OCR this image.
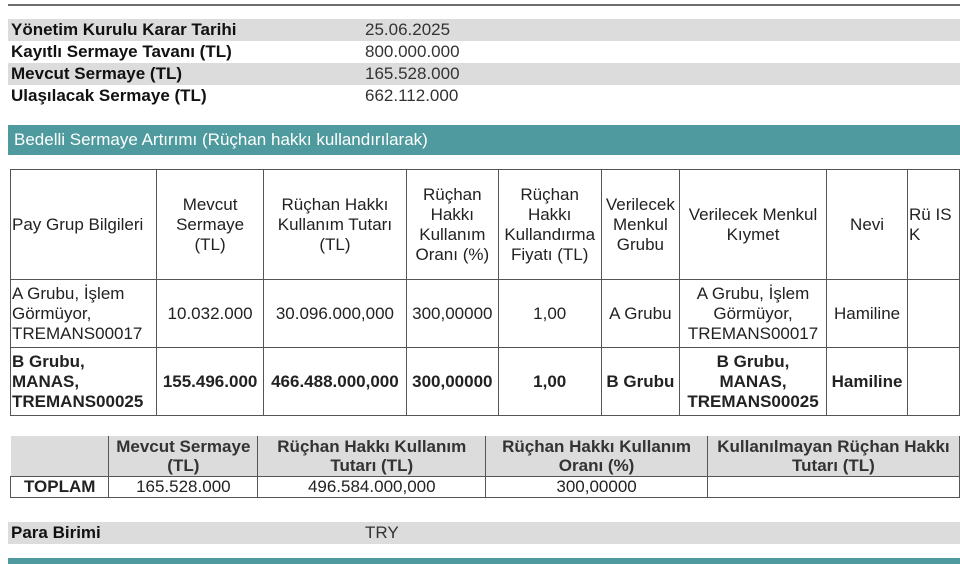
Yönetim Kurulu Karar Tarihi	25.06.2025
Kayıtlı Sermaye Tavanı (TL)	800.000.000
Mevcut Sermaye (TL)	165.528.000
Ulaşılacak Sermaye (TL)	662.112.000
Bedelli Sermaye Artırımı (Rüçhan hakkı kullandırılarak)
Pay Grup Bilgileri	Mevcut Sermaye (TL)	Rüçhan Hakkı Kullanım Tutarı (TL)	Rüçhan Hakkı Kullanım Oranı (%)	Rüçhan Hakkı Kullandırma Fiyatı (TL)	Verilecek Menkul Grubu	Verilecek Menkul Kıymet	Nevi	Rü IS K
A Grubu, İşlem Görmüyor, TREMANS00017	10.032.000	30.096.000,000	300,00000	1,00	A Grubu	A Grubu, İşlem Görmüyor, TREMANS00017	Hamiline	
B Grubu, MANAS, TREMANS00025	155.496.000	466.488.000,000	300,00000	1,00	B Grubu	B Grubu, MANAS, TREMANS00025	Hamiline	
	Mevcut Sermaye (TL)	Rüçhan Hakkı Kullanım Tutarı (TL)	Rüçhan Hakkı Kullanım Oranı (%)	Kullanılmayan Rüçhan Hakkı Tutarı (TL)
TOPLAM	165.528.000	496.584.000,000	300,00000	
Para Birimi	TRY
